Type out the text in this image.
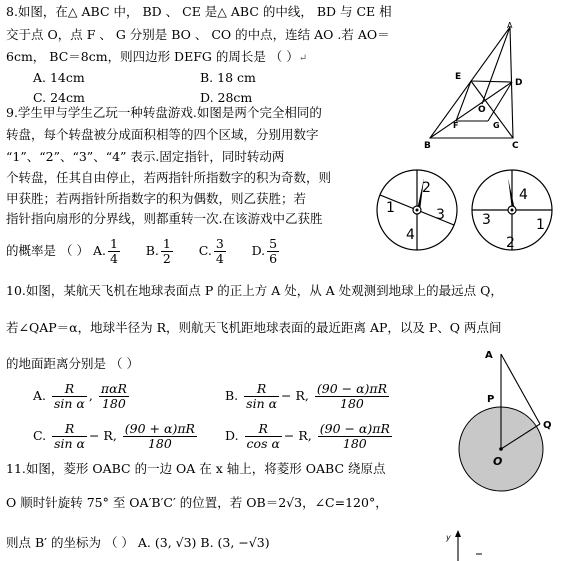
8.如图，在△ ABC 中， BD 、 CE 是△ ABC 的中线， BD 与 CE 相
交于点 O，点 F 、 G 分别是 BO 、 CO 的中点，连结 AO .若 AO＝
6cm， BC＝8cm，则四边形 DEFG 的周长是 （ ）↵
A. 14cm	B. 18 cm
C. 24cm	D. 28cm
A
E
D
O
F	G
B	C
9.学生甲与学生乙玩一种转盘游戏.如图是两个完全相同的
转盘，每个转盘被分成面积相等的四个区域，分别用数字
“1”、“2”、“3”、“4” 表示.固定指针，同时转动两
个转盘，任其自由停止，若两指针所指数字的积为奇数，则
甲获胜；若两指针所指数字的积为偶数，则乙获胜；若
指针指向扇形的分界线，则都重转一次.在该游戏中乙获胜
的概率是 （ ） A. $\frac{1}{4} B$. $\frac{1}{2} C$. $\frac{3}{4} D$. $\frac{5}{6}$
2
3
4
1
4
1
2
3
10.如图，某航天飞机在地球表面点 P 的正上方 A 处，从 A 处观测到地球上的最远点 Q，
若∠QAP＝α，地球半径为 R，则航天飞机距地球表面的最近距离 AP，以及 P、Q 两点间
的地面距离分别是 （ ）
A. $\frac{R}{\text{sin α}}$ , $\frac{\text{παR}}{180}$	B. $\frac{R}{\text{sin α}} - R$, $\frac{(90 - \alpha)\pi R}{180}$
C. $\frac{R}{\text{sin α}} - R$, $\frac{(90 + \alpha)\pi R}{180} D$. $\frac{R}{\text{cos α}} - R$, $\frac{(90 - \alpha)\pi R}{180}$
A
P
Q
O
11.如图，菱形 OABC 的一边 OA 在 x 轴上，将菱形 OABC 绕原点
O 顺时针旋转 75° 至 OA′B′C′ 的位置，若 OB＝2√3，∠C=120°，
则点 B′ 的坐标为 （ ） A. (3, √3) B. (3, −√3)	y
